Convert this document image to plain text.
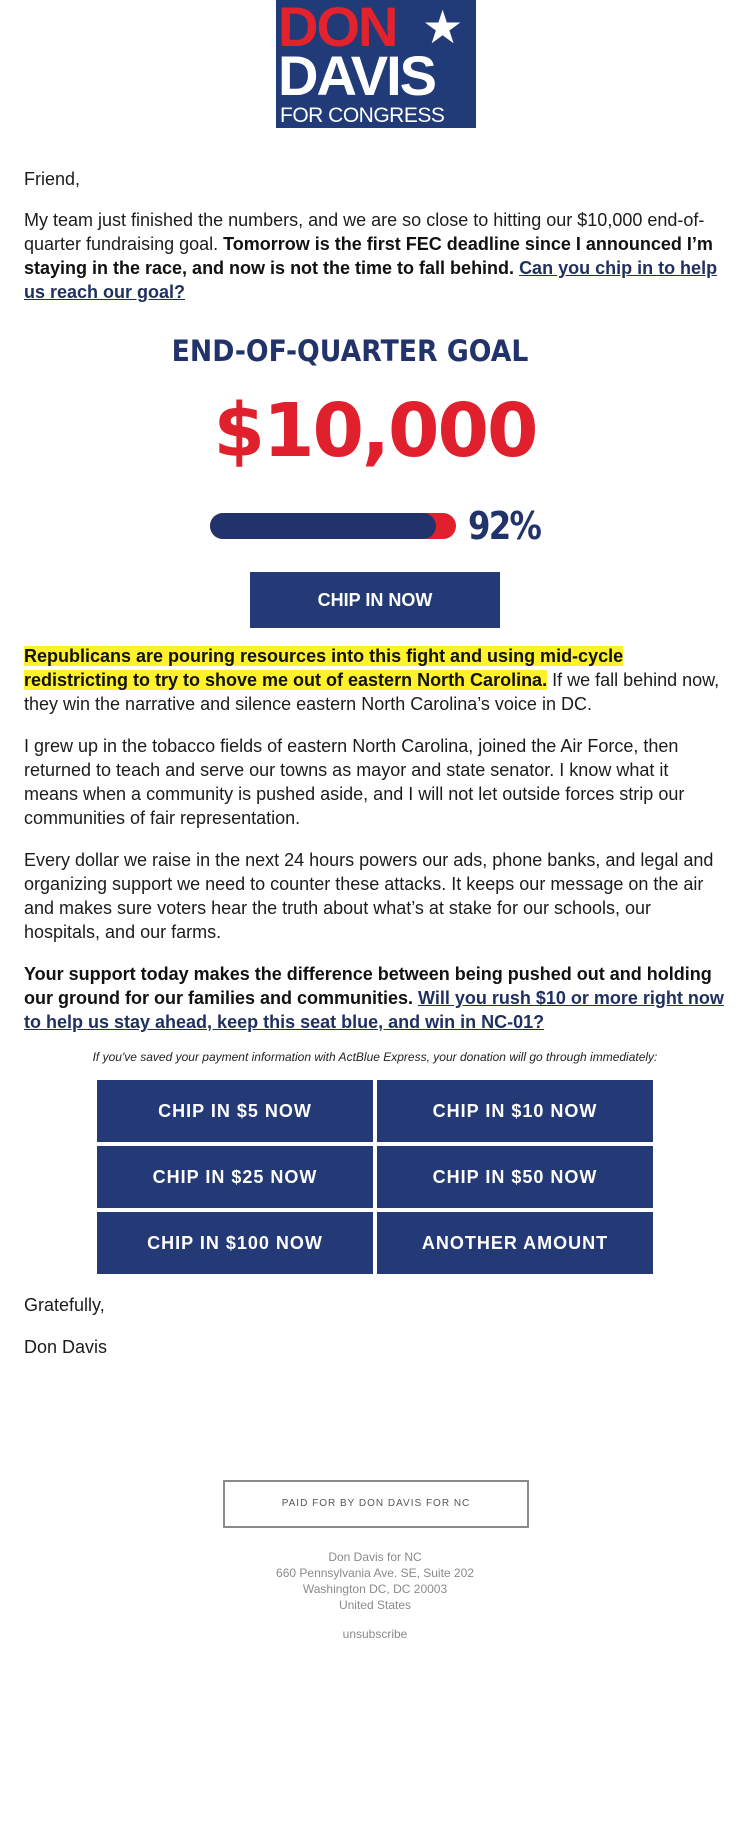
DON ★
DAVIS
FOR CONGRESS

Friend,

My team just finished the numbers, and we are so close to hitting our $10,000 end-of-
quarter fundraising goal. Tomorrow is the first FEC deadline since I announced I’m
staying in the race, and now is not the time to fall behind. Can you chip in to help
us reach our goal?

END-OF-QUARTER GOAL
$10,000
92%
CHIP IN NOW

Republicans are pouring resources into this fight and using mid-cycle
redistricting to try to shove me out of eastern North Carolina. If we fall behind now,
they win the narrative and silence eastern North Carolina’s voice in DC.

I grew up in the tobacco fields of eastern North Carolina, joined the Air Force, then
returned to teach and serve our towns as mayor and state senator. I know what it
means when a community is pushed aside, and I will not let outside forces strip our
communities of fair representation.

Every dollar we raise in the next 24 hours powers our ads, phone banks, and legal and
organizing support we need to counter these attacks. It keeps our message on the air
and makes sure voters hear the truth about what’s at stake for our schools, our
hospitals, and our farms.

Your support today makes the difference between being pushed out and holding
our ground for our families and communities. Will you rush $10 or more right now
to help us stay ahead, keep this seat blue, and win in NC-01?

If you've saved your payment information with ActBlue Express, your donation will go through immediately:
CHIP IN $5 NOW	CHIP IN $10 NOW
CHIP IN $25 NOW	CHIP IN $50 NOW
CHIP IN $100 NOW	ANOTHER AMOUNT
Gratefully,
Don Davis
PAID FOR BY DON DAVIS FOR NC
Don Davis for NC
660 Pennsylvania Ave. SE, Suite 202
Washington DC, DC 20003
United States
unsubscribe
